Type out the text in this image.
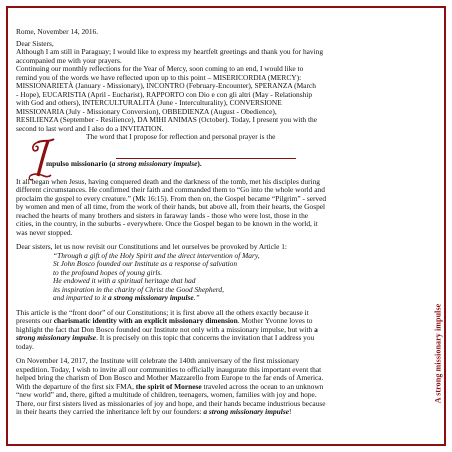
Rome, November 14, 2016.

Dear Sisters,

Although I am still in Paraguay; I would like to express my heartfelt greetings and thank you for having

accompanied me with your prayers.

Continuing our monthly reflections for the Year of Mercy, soon coming to an end, I would like to

remind you of the words we have reflected upon up to this point – MISERICORDIA (MERCY):

MISSIONARIETÀ (January - Missionary), INCONTRO (February-Encounter), SPERANZA (March

- Hope), EUCARISTIA (April - Eucharist), RAPPORTO con Dio e con gli altri (May - Relationship

with God and others), INTERCULTURALITÀ (June - Interculturality), CONVERSIONE

MISSIONARIA (July - Missionary Conversion), OBBEDIENZA (August - Obedience),

RESILIENZA (September - Resilience), DA MIHI ANIMAS (October). Today, I present you with the

second to last word and I also do a INVITATION.

The word that I propose for reflection and personal prayer is the

mpulso missionario (a strong missionary impulse).

It all began when Jesus, having conquered death and the darkness of the tomb, met his disciples during

different circumstances. He confirmed their faith and commanded them to “Go into the whole world and

proclaim the gospel to every creature.” (Mk 16:15). From then on, the Gospel became “Pilgrim” - served

by women and men of all time, from the work of their hands, but above all, from their hearts, the Gospel

reached the hearts of many brothers and sisters in faraway lands - those who were lost, those in the

cities, in the country, in the suburbs - everywhere. Once the Gospel began to be known in the world, it

was never stopped.

Dear sisters, let us now revisit our Constitutions and let ourselves be provoked by Article 1:

“Through a gift of the Holy Spirit and the direct intervention of Mary,

St John Bosco founded our Institute as a response of salvation

to the profound hopes of young girls.

He endowed it with a spiritual heritage that had

its inspiration in the charity of Christ the Good Shepherd,

and imparted to it a strong missionary impulse.”

This article is the “front door” of our Constitutions; it is first above all the others exactly because it

presents our charismatic identity with an explicit missionary dimension. Mother Yvonne loves to

highlight the fact that Don Bosco founded our Institute not only with a missionary impulse, but with a

strong missionary impulse. It is precisely on this topic that concerns the invitation that I address you

today.

On November 14, 2017, the Institute will celebrate the 140th anniversary of the first missionary

expedition. Today, I wish to invite all our communities to officially inaugurate this important event that

helped bring the charism of Don Bosco and Mother Mazzarello from Europe to the far ends of America.

With the departure of the first six FMA, the spirit of Mornese traveled across the ocean to an unknown

“new world” and, there, gifted a multitude of children, teenagers, women, families with joy and hope.

There, our first sisters lived as missionaries of joy and hope, and their hands became industrious because

in their hearts they carried the inheritance left by our founders: a strong missionary impulse!

A strong missionary impulse
